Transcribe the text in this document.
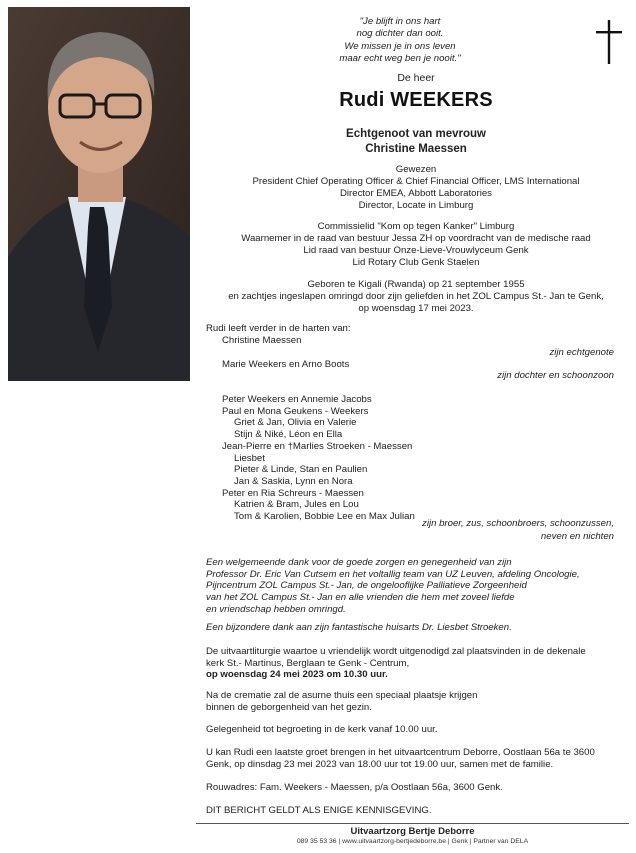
"Je blijft in ons hart
nog dichter dan ooit.
We missen je in ons leven
maar echt weg ben je nooit."
De heer
Rudi WEEKERS
Echtgenoot van mevrouw
Christine Maessen
Gewezen
President Chief Operating Officer & Chief Financial Officer, LMS International
Director EMEA, Abbott Laboratories
Director, Locate in Limburg
Commissielid "Kom op tegen Kanker" Limburg
Waarnemer in de raad van bestuur Jessa ZH op voordracht van de medische raad
Lid raad van bestuur Onze-Lieve-Vrouwlyceum Genk
Lid Rotary Club Genk Staelen
Geboren te Kigali (Rwanda) op 21 september 1955
en zachtjes ingeslapen omringd door zijn geliefden in het ZOL Campus St.- Jan te Genk,
op woensdag 17 mei 2023.
Rudi leeft verder in de harten van:
Christine Maessen
zijn echtgenote
Marie Weekers en Arno Boots
zijn dochter en schoonzoon
Peter Weekers en Annemie Jacobs
Paul en Mona Geukens - Weekers
Griet & Jan, Olivia en Valerie
Stijn & Niké, Léon en Ella
Jean-Pierre en †Marlies Stroeken - Maessen
Liesbet
Pieter & Linde, Stan en Paulien
Jan & Saskia, Lynn en Nora
Peter en Ria Schreurs - Maessen
Katrien & Bram, Jules en Lou
Tom & Karolien, Bobbie Lee en Max Julian
zijn broer, zus, schoonbroers, schoonzussen,
neven en nichten
Een welgemeende dank voor de goede zorgen en genegenheid van zijn
Professor Dr. Eric Van Cutsem en het voltallig team van UZ Leuven, afdeling Oncologie,
Pijncentrum ZOL Campus St.- Jan, de ongelooflijke Palliatieve Zorgeenheid
van het ZOL Campus St.- Jan en alle vrienden die hem met zoveel liefde
en vriendschap hebben omringd.
Een bijzondere dank aan zijn fantastische huisarts Dr. Liesbet Stroeken.
De uitvaartliturgie waartoe u vriendelijk wordt uitgenodigd zal plaatsvinden in de dekenale
kerk St.- Martinus, Berglaan te Genk - Centrum,
op woensdag 24 mei 2023 om 10.30 uur.
Na de crematie zal de asurne thuis een speciaal plaatsje krijgen
binnen de geborgenheid van het gezin.
Gelegenheid tot begroeting in de kerk vanaf 10.00 uur.
U kan Rudi een laatste groet brengen in het uitvaartcentrum Deborre, Oostlaan 56a te 3600
Genk, op dinsdag 23 mei 2023 van 18.00 uur tot 19.00 uur, samen met de familie.
Rouwadres: Fam. Weekers - Maessen, p/a Oostlaan 56a, 3600 Genk.
DIT BERICHT GELDT ALS ENIGE KENNISGEVING.
Uitvaartzorg Bertje Deborre
089 35 53 36 | www.uitvaartzorg-bertjedeborre.be | Genk | Partner van DELA
